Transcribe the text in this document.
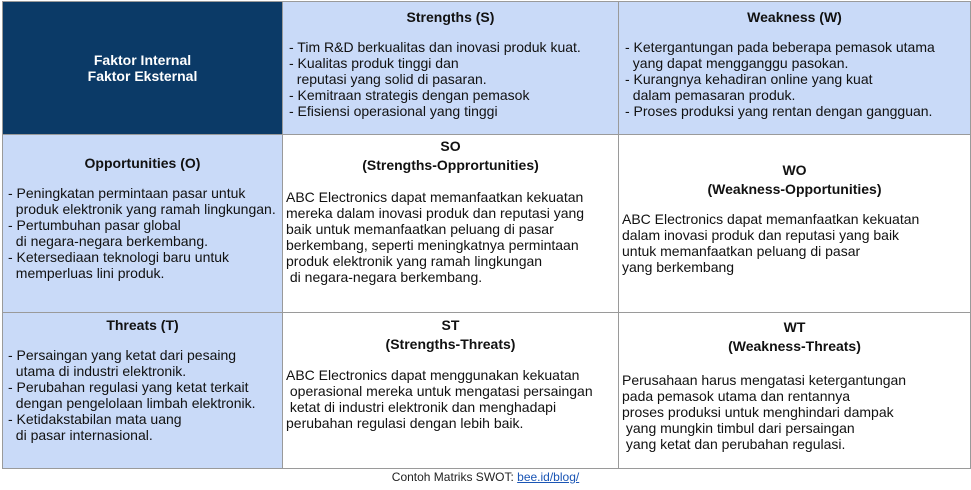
Faktor Internal
Faktor Eksternal
Strengths (S)
- Tim R&D berkualitas dan inovasi produk kuat.
- Kualitas produk tinggi dan
reputasi yang solid di pasaran.
- Kemitraan strategis dengan pemasok
- Efisiensi operasional yang tinggi
Weakness (W)
- Ketergantungan pada beberapa pemasok utama
yang dapat mengganggu pasokan.
- Kurangnya kehadiran online yang kuat
dalam pemasaran produk.
- Proses produksi yang rentan dengan gangguan.
Opportunities (O)
- Peningkatan permintaan pasar untuk
produk elektronik yang ramah lingkungan.
- Pertumbuhan pasar global
di negara-negara berkembang.
- Ketersediaan teknologi baru untuk
memperluas lini produk.
SO
(Strengths-Opprortunities)
ABC Electronics dapat memanfaatkan kekuatan
mereka dalam inovasi produk dan reputasi yang
baik untuk memanfaatkan peluang di pasar
berkembang, seperti meningkatnya permintaan
produk elektronik yang ramah lingkungan
di negara-negara berkembang.
WO
(Weakness-Opportunities)
ABC Electronics dapat memanfaatkan kekuatan
dalam inovasi produk dan reputasi yang baik
untuk memanfaatkan peluang di pasar
yang berkembang
Threats (T)
- Persaingan yang ketat dari pesaing
utama di industri elektronik.
- Perubahan regulasi yang ketat terkait
dengan pengelolaan limbah elektronik.
- Ketidakstabilan mata uang
di pasar internasional.
ST
(Strengths-Threats)
ABC Electronics dapat menggunakan kekuatan
operasional mereka untuk mengatasi persaingan
ketat di industri elektronik dan menghadapi
perubahan regulasi dengan lebih baik.
WT
(Weakness-Threats)
Perusahaan harus mengatasi ketergantungan
pada pemasok utama dan rentannya
proses produksi untuk menghindari dampak
yang mungkin timbul dari persaingan
yang ketat dan perubahan regulasi.
Contoh Matriks SWOT: bee.id/blog/
